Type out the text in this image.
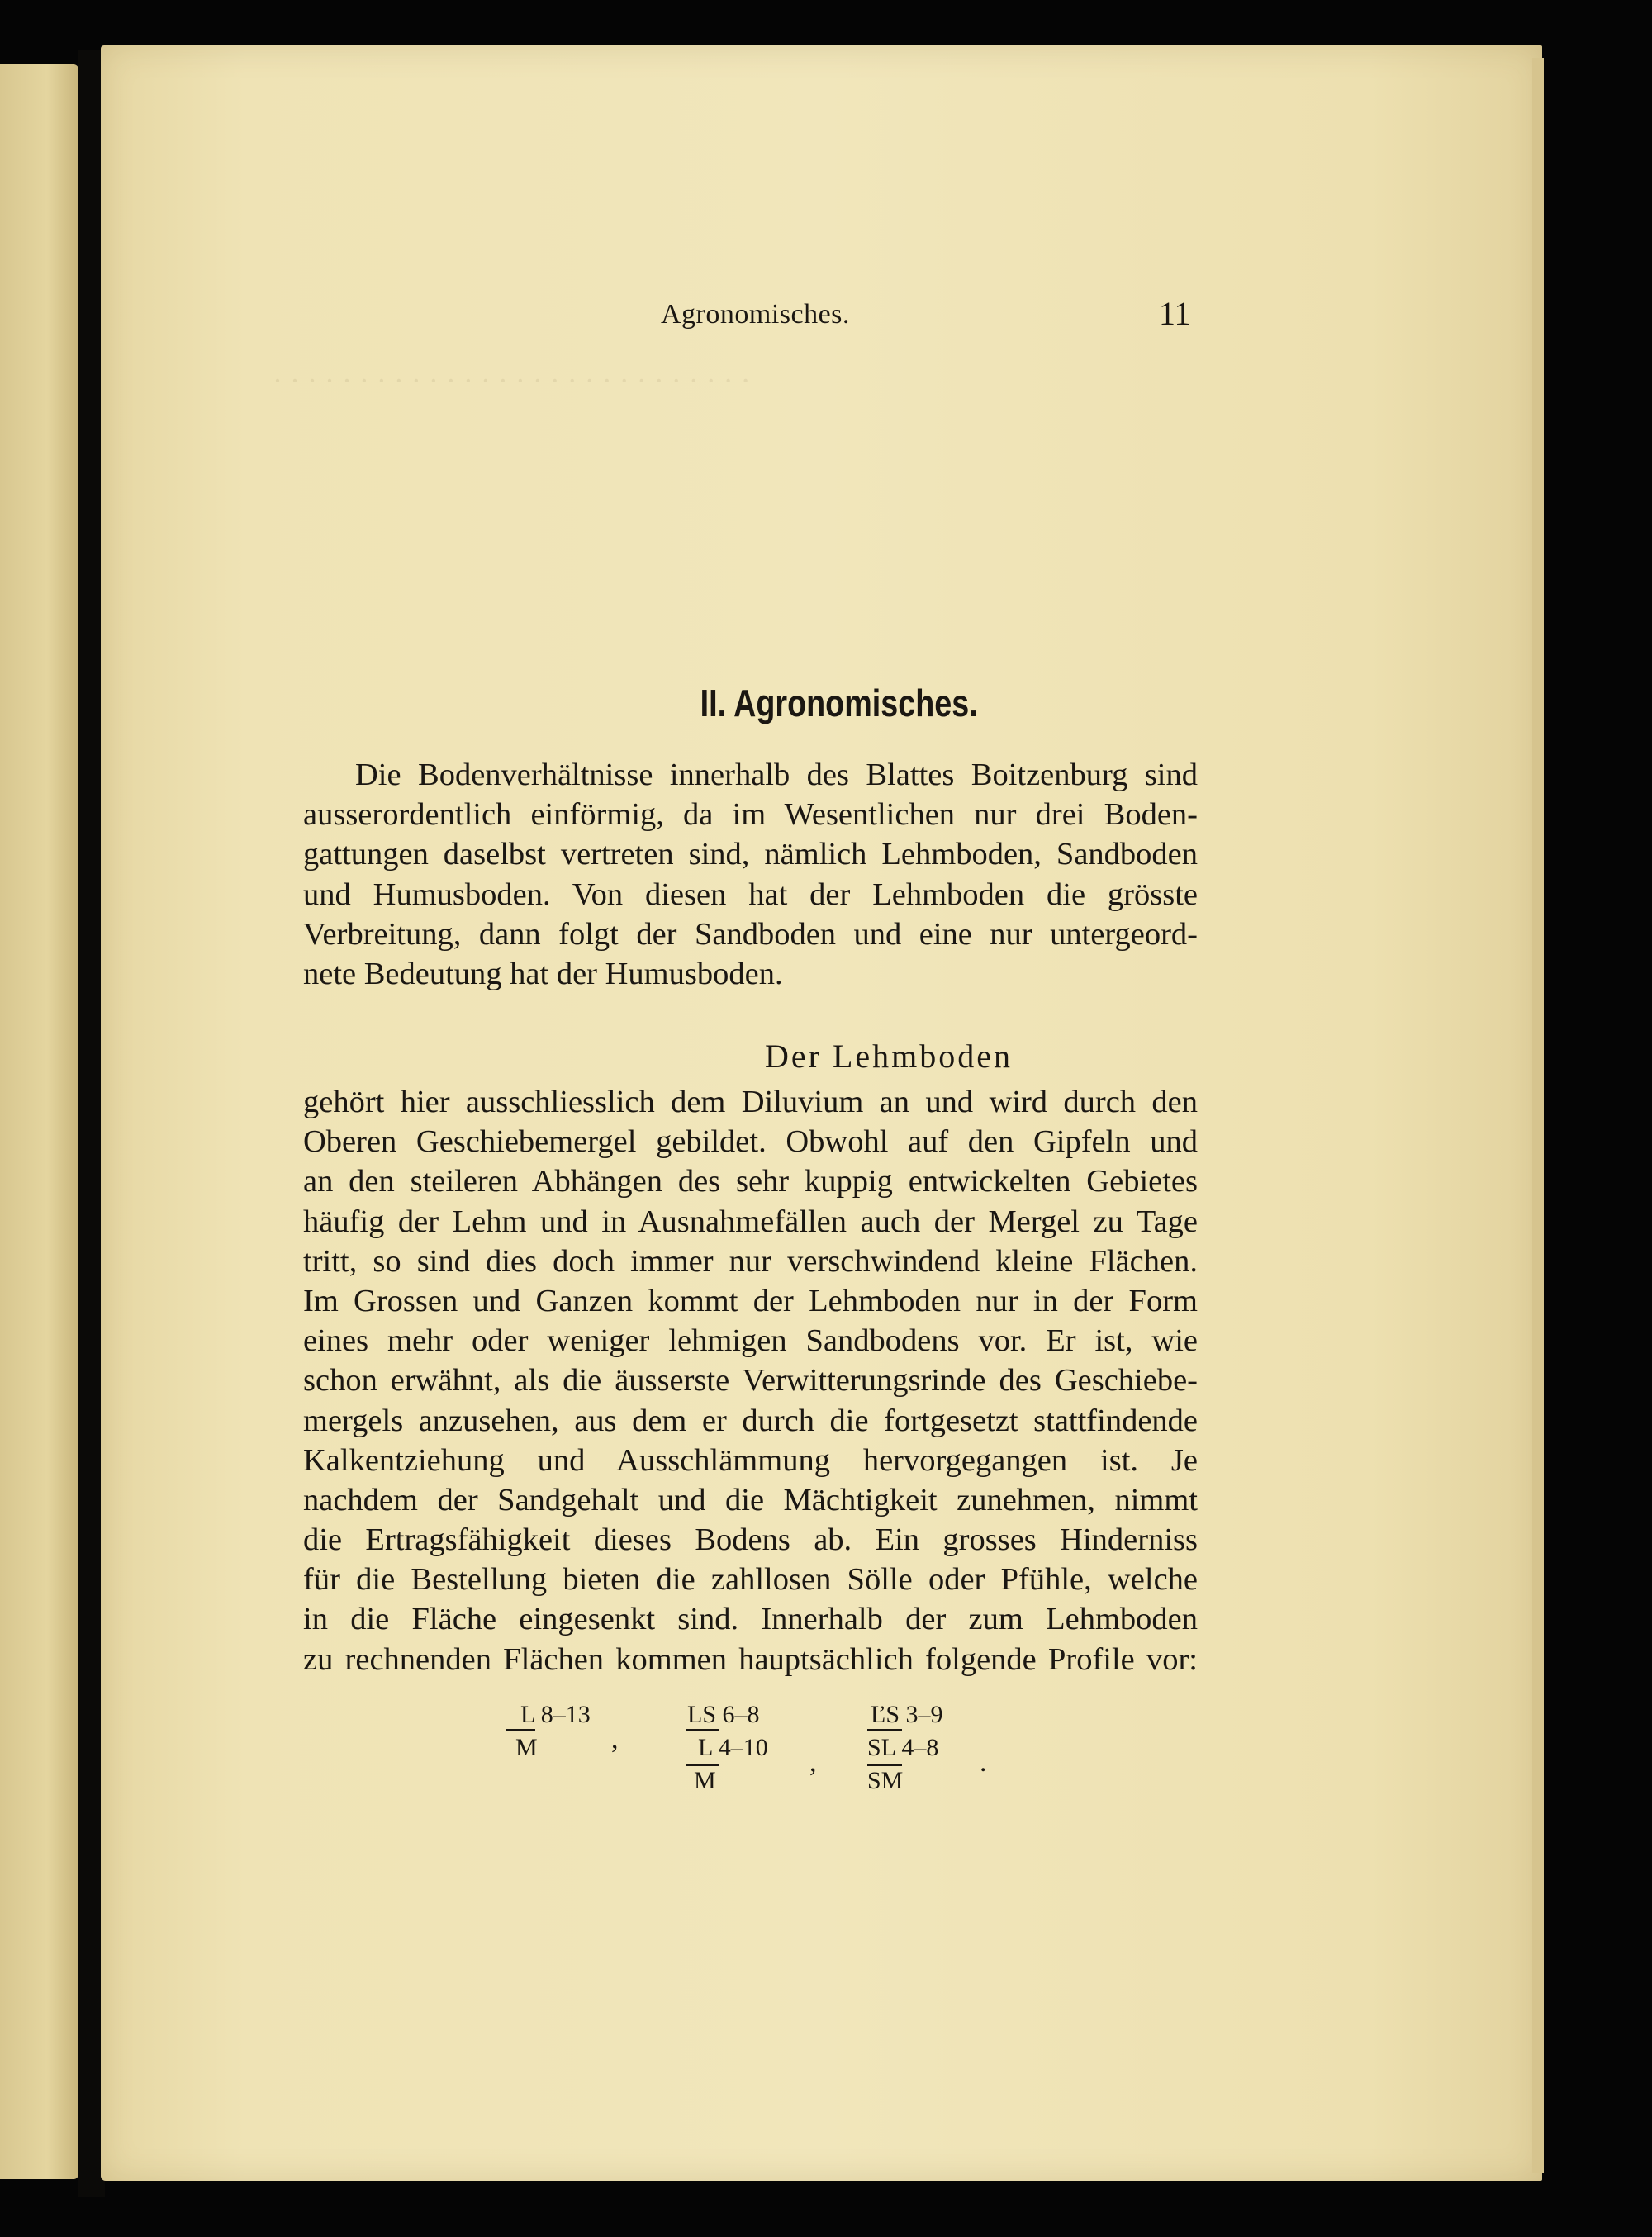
· · · · · · · · · · · · · · · · · · · · · · · · · · · ·
Agronomisches.	11
II. Agronomisches.
Die Bodenverhältnisse innerhalb des Blattes Boitzenburg sind
ausserordentlich einförmig, da im Wesentlichen nur drei Boden-
gattungen daselbst vertreten sind, nämlich Lehmboden, Sandboden
und Humusboden. Von diesen hat der Lehmboden die grösste
Verbreitung, dann folgt der Sandboden und eine nur untergeord-
nete Bedeutung hat der Humusboden.
Der Lehmboden
gehört hier ausschliesslich dem Diluvium an und wird durch den
Oberen Geschiebemergel gebildet. Obwohl auf den Gipfeln und
an den steileren Abhängen des sehr kuppig entwickelten Gebietes
häufig der Lehm und in Ausnahmefällen auch der Mergel zu Tage
tritt, so sind dies doch immer nur verschwindend kleine Flächen.
Im Grossen und Ganzen kommt der Lehmboden nur in der Form
eines mehr oder weniger lehmigen Sandbodens vor. Er ist, wie
schon erwähnt, als die äusserste Verwitterungsrinde des Geschiebe-
mergels anzusehen, aus dem er durch die fortgesetzt stattfindende
Kalkentziehung und Ausschlämmung hervorgegangen ist. Je
nachdem der Sandgehalt und die Mächtigkeit zunehmen, nimmt
die Ertragsfähigkeit dieses Bodens ab. Ein grosses Hinderniss
für die Bestellung bieten die zahllosen Sölle oder Pfühle, welche
in die Fläche eingesenkt sind. Innerhalb der zum Lehmboden
zu rechnenden Flächen kommen hauptsächlich folgende Profile vor:
L 8–13
M	,
LS 6–8
L 4–10
M
,
ĽS 3–9
SL 4–8
SM
.
